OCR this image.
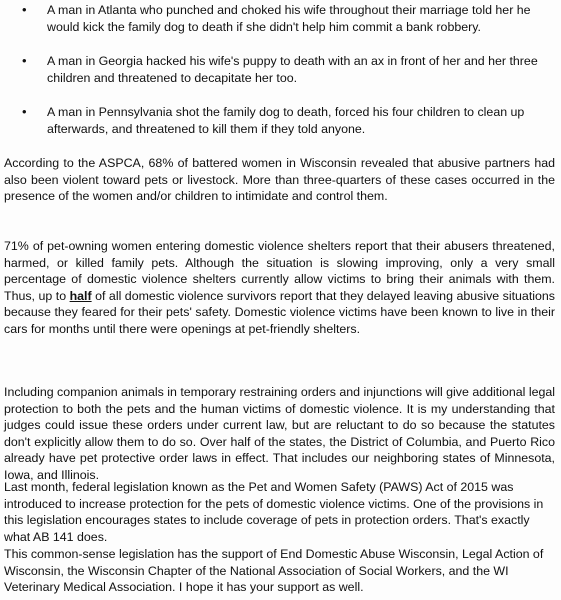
• A man in Atlanta who punched and choked his wife throughout their marriage told her he would kick the family dog to death if she didn't help him commit a bank robbery.
• A man in Georgia hacked his wife's puppy to death with an ax in front of her and her three children and threatened to decapitate her too.
• A man in Pennsylvania shot the family dog to death, forced his four children to clean up afterwards, and threatened to kill them if they told anyone.

According to the ASPCA, 68% of battered women in Wisconsin revealed that abusive partners had also been violent toward pets or livestock. More than three-quarters of these cases occurred in the presence of the women and/or children to intimidate and control them.

71% of pet-owning women entering domestic violence shelters report that their abusers threatened, harmed, or killed family pets. Although the situation is slowing improving, only a very small percentage of domestic violence shelters currently allow victims to bring their animals with them. Thus, up to half of all domestic violence survivors report that they delayed leaving abusive situations because they feared for their pets' safety. Domestic violence victims have been known to live in their cars for months until there were openings at pet-friendly shelters.

Including companion animals in temporary restraining orders and injunctions will give additional legal protection to both the pets and the human victims of domestic violence. It is my understanding that judges could issue these orders under current law, but are reluctant to do so because the statutes don't explicitly allow them to do so. Over half of the states, the District of Columbia, and Puerto Rico already have pet protective order laws in effect. That includes our neighboring states of Minnesota, Iowa, and Illinois.

Last month, federal legislation known as the Pet and Women Safety (PAWS) Act of 2015 was introduced to increase protection for the pets of domestic violence victims. One of the provisions in this legislation encourages states to include coverage of pets in protection orders. That's exactly what AB 141 does.

This common-sense legislation has the support of End Domestic Abuse Wisconsin, Legal Action of Wisconsin, the Wisconsin Chapter of the National Association of Social Workers, and the WI Veterinary Medical Association. I hope it has your support as well.
